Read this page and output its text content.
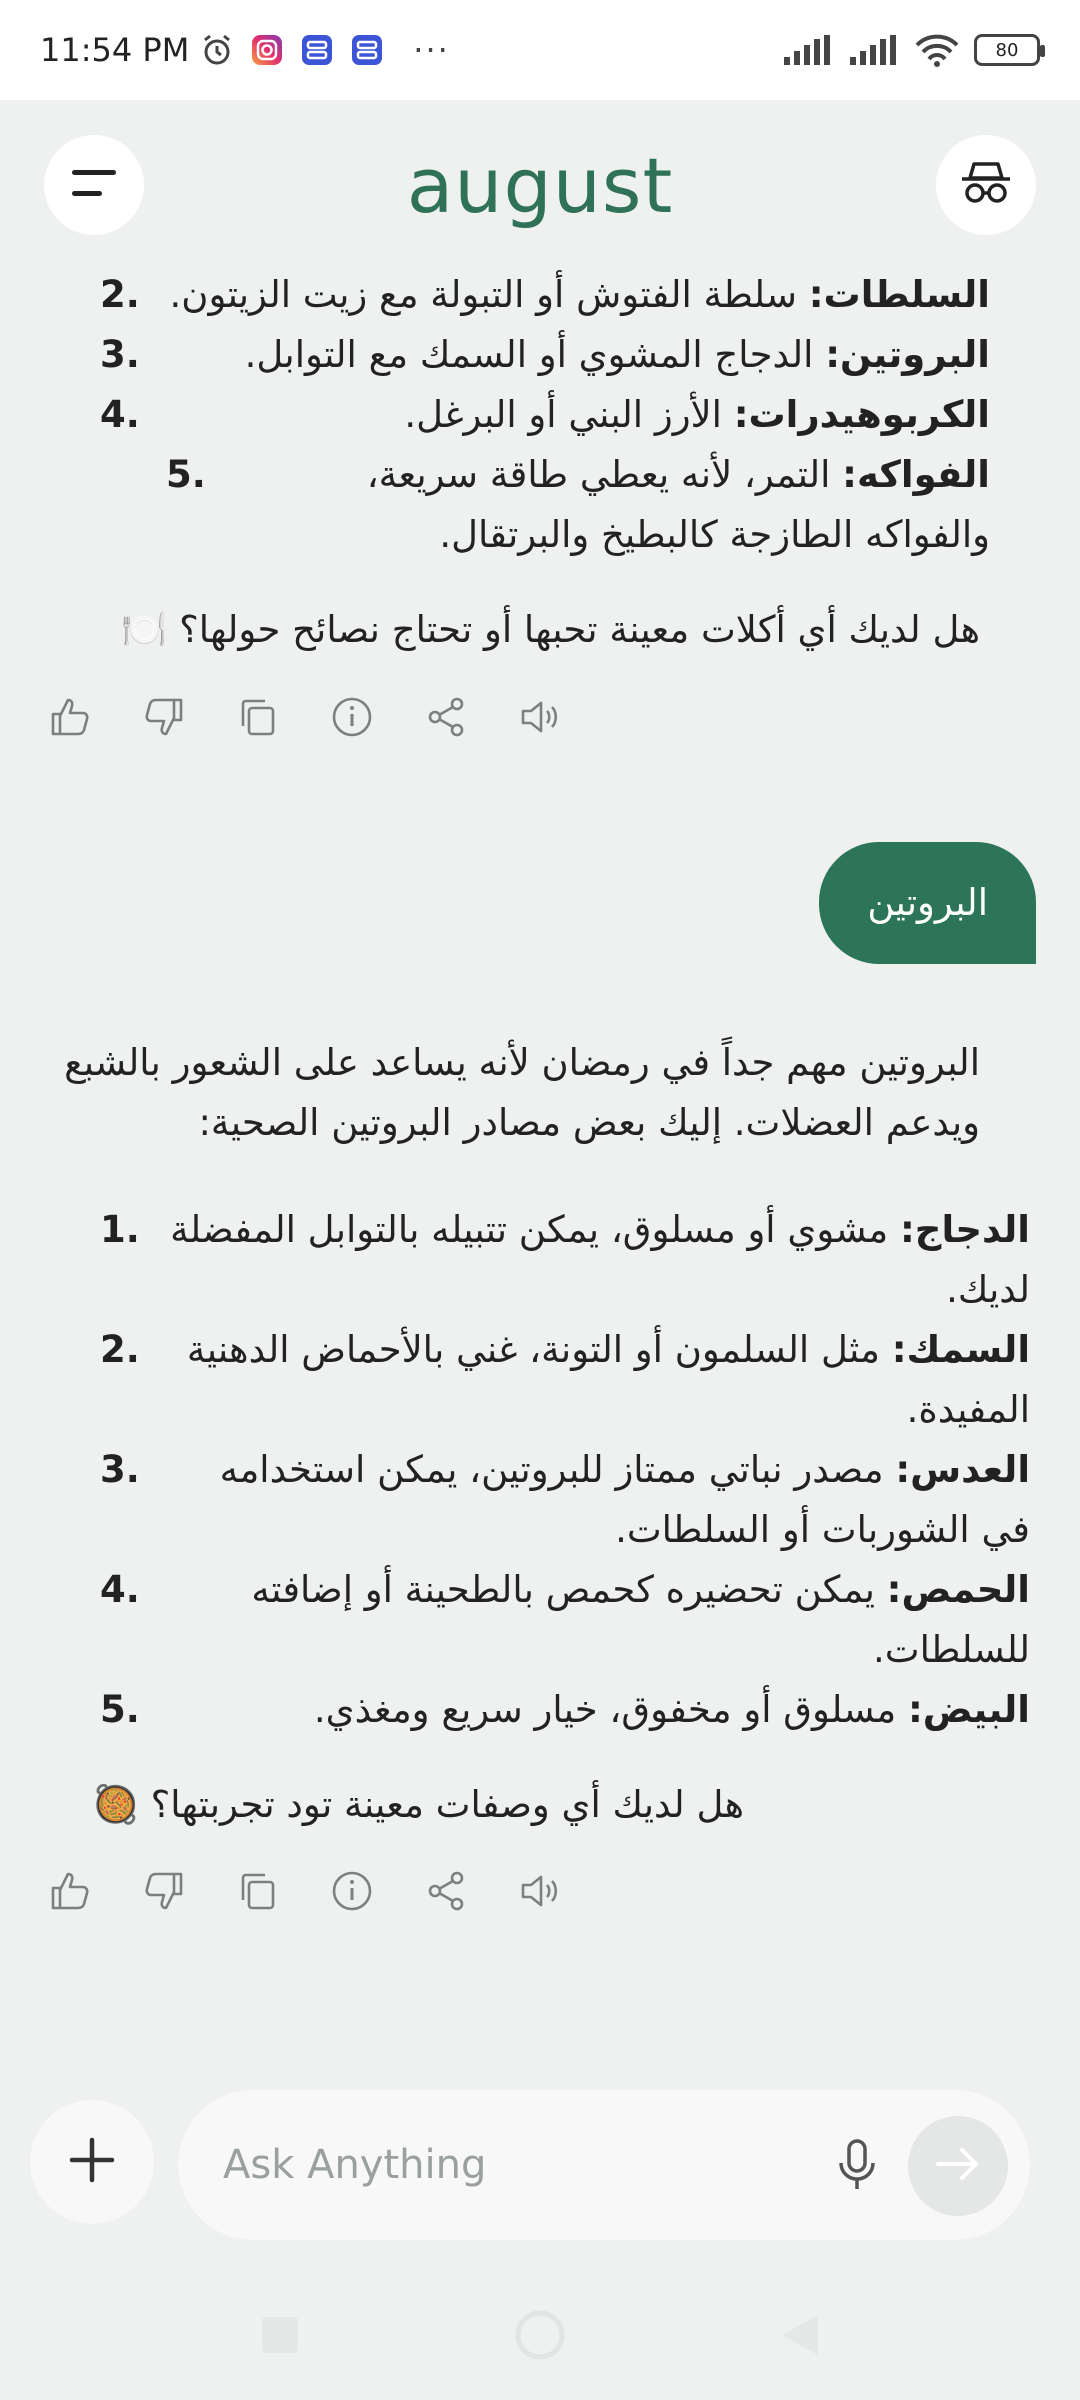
11:54 PM	···	80
august
السلطات: سلطة الفتوش أو التبولة مع زيت الزيتون.
2.
البروتين: الدجاج المشوي أو السمك مع التوابل.
3.
الكربوهيدرات: الأرز البني أو البرغل.
4.
الفواكه: التمر، لأنه يعطي طاقة سريعة، والفواكه الطازجة كالبطيخ والبرتقال.
5.

هل لديك أي أكلات معينة تحبها أو تحتاج نصائح حولها؟ 🍽️

البروتين

البروتين مهم جداً في رمضان لأنه يساعد على الشعور بالشبع ويدعم العضلات. إليك بعض مصادر البروتين الصحية:

الدجاج: مشوي أو مسلوق، يمكن تتبيله بالتوابل المفضلة لديك.
1.
السمك: مثل السلمون أو التونة، غني بالأحماض الدهنية المفيدة.
2.
العدس: مصدر نباتي ممتاز للبروتين، يمكن استخدامه في الشوربات أو السلطات.
3.
الحمص: يمكن تحضيره كحمص بالطحينة أو إضافته للسلطات.
4.
البيض: مسلوق أو مخفوق، خيار سريع ومغذي.
5.

هل لديك أي وصفات معينة تود تجربتها؟ 🥘

Ask Anything
